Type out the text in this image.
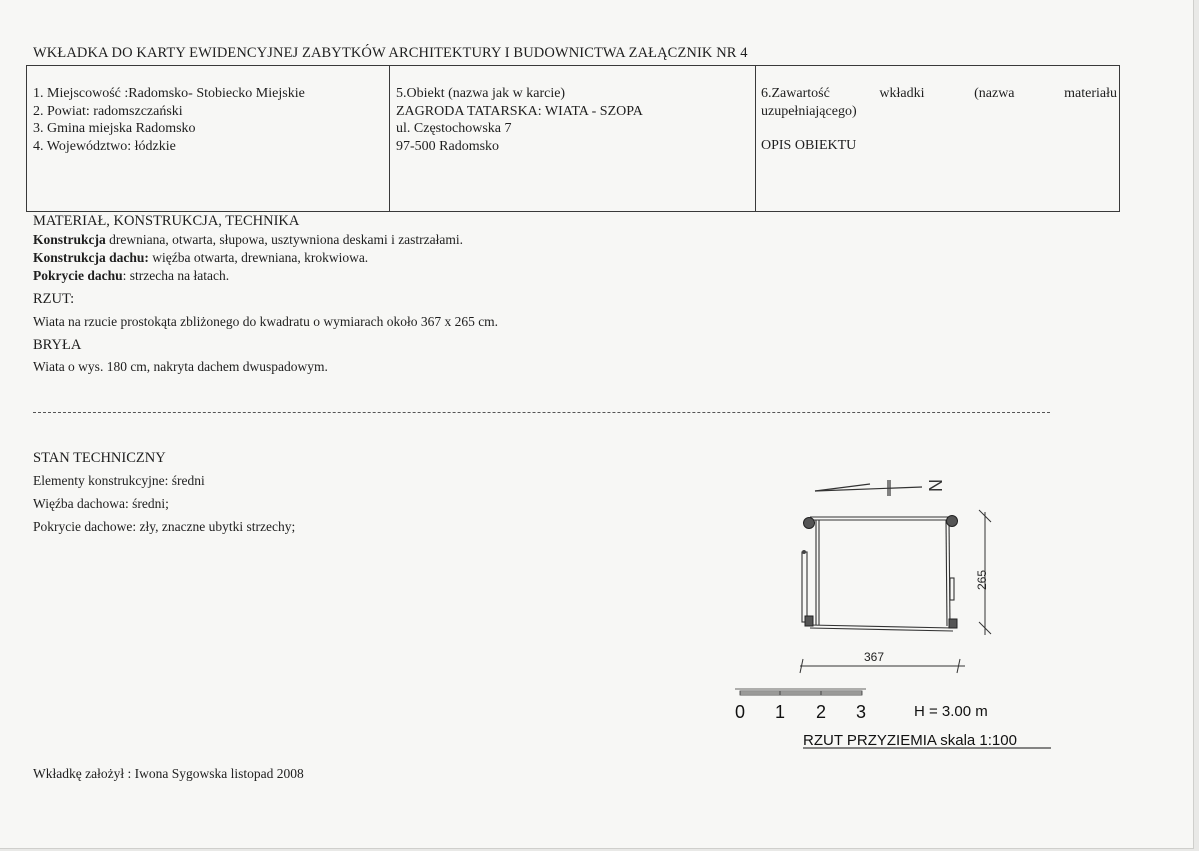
WKŁADKA DO KARTY EWIDENCYJNEJ ZABYTKÓW ARCHITEKTURY I BUDOWNICTWA ZAŁĄCZNIK NR 4
1. Miejscowość :Radomsko- Stobiecko Miejskie
2. Powiat: radomszczański
3. Gmina miejska Radomsko
4. Województwo: łódzkie
5.Obiekt (nazwa jak w karcie)
ZAGRODA TATARSKA: WIATA - SZOPA
ul. Częstochowska 7
97-500 Radomsko
6.Zawartość	wkładki	(nazwa	materiału
uzupełniającego)
OPIS OBIEKTU
MATERIAŁ, KONSTRUKCJA, TECHNIKA
Konstrukcja drewniana, otwarta, słupowa, usztywniona deskami i zastrzałami.
Konstrukcja dachu: więźba otwarta, drewniana, krokwiowa.
Pokrycie dachu: strzecha na łatach.
RZUT:
Wiata na rzucie prostokąta zbliżonego do kwadratu o wymiarach około 367 x 265 cm.
BRYŁA
Wiata o wys. 180 cm, nakryta dachem dwuspadowym.
STAN TECHNICZNY
Elementy konstrukcyjne: średni
Więźba dachowa: średni;
Pokrycie dachowe: zły, znaczne ubytki strzechy;
N
265
367
0 1 2 3	H = 3.00 m
RZUT PRZYZIEMIA skala 1:100
Wkładkę założył : Iwona Sygowska listopad 2008
